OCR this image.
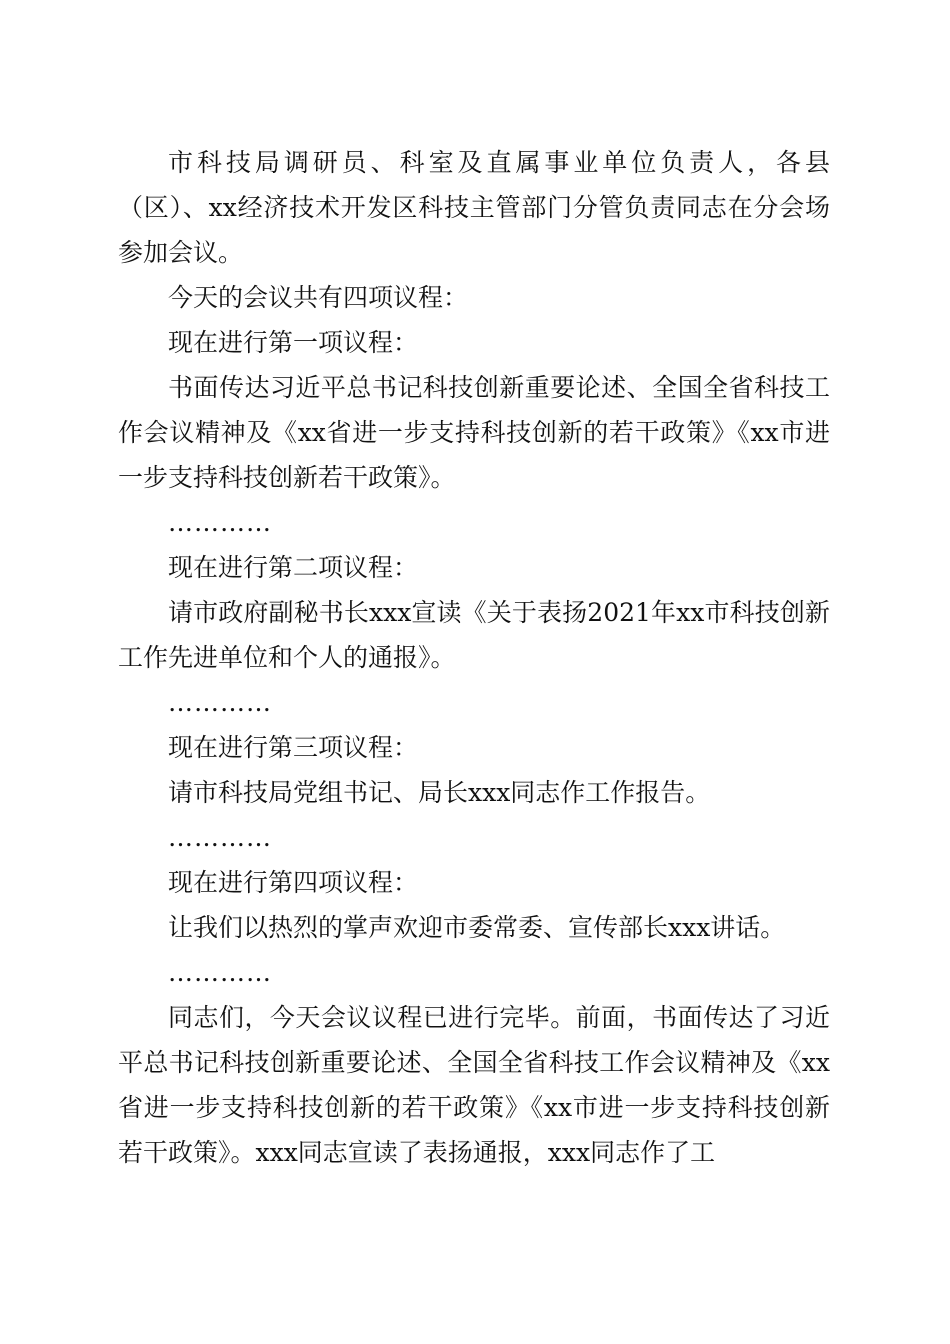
市科技局调研员、科室及直属事业单位负责人，各县（区）、xx经济技术开发区科技主管部门分管负责同志在分会场参加会议。

今天的会议共有四项议程：

现在进行第一项议程：

书面传达习近平总书记科技创新重要论述、全国全省科技工作会议精神及《xx省进一步支持科技创新的若干政策》《xx市进一步支持科技创新若干政策》。

…………

现在进行第二项议程：

请市政府副秘书长xxx宣读《关于表扬2021年xx市科技创新工作先进单位和个人的通报》。

…………

现在进行第三项议程：

请市科技局党组书记、局长xxx同志作工作报告。

…………

现在进行第四项议程：

让我们以热烈的掌声欢迎市委常委、宣传部长xxx讲话。

…………

同志们，今天会议议程已进行完毕。前面，书面传达了习近平总书记科技创新重要论述、全国全省科技工作会议精神及《xx省进一步支持科技创新的若干政策》《xx市进一步支持科技创新若干政策》。xxx同志宣读了表扬通报，xxx同志作了工
